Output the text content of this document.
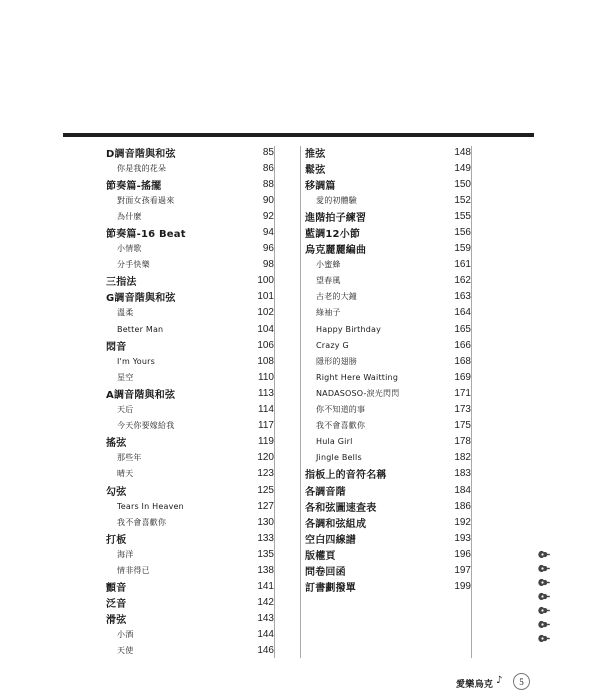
D調音階與和弦	85
你是我的花朵	86
節奏篇-搖擺	88
對面女孩看過來	90
為什麼	92
節奏篇-16 Beat	94
小情歌	96
分手快樂	98
三指法	100
G調音階與和弦	101
溫柔	102
Better Man	104
悶音	106
I'm Yours	108
星空	110
A調音階與和弦	113
天后	114
今天你要嫁給我	117
搖弦	119
那些年	120
晴天	123
勾弦	125
Tears In Heaven	127
我不會喜歡你	130
打板	133
海洋	135
情非得已	138
顫音	141
泛音	142
滑弦	143
小酒	144
天使	146
推弦	148
鬆弦	149
移調篇	150
愛的初體驗	152
進階拍子練習	155
藍調12小節	156
烏克麗麗編曲	159
小蜜蜂	161
望春風	162
古老的大鐘	163
綠袖子	164
Happy Birthday	165
Crazy G	166
隱形的翅膀	168
Right Here Waitting	169
NADASOSO-淚光閃閃	171
你不知道的事	173
我不會喜歡你	175
Hula Girl	178
Jingle Bells	182
指板上的音符名稱	183
各調音階	184
各和弦圖速查表	186
各調和弦組成	192
空白四線譜	193
版權頁	196
問卷回函	197
訂書劃撥單	199
愛樂烏克 ♪	5
